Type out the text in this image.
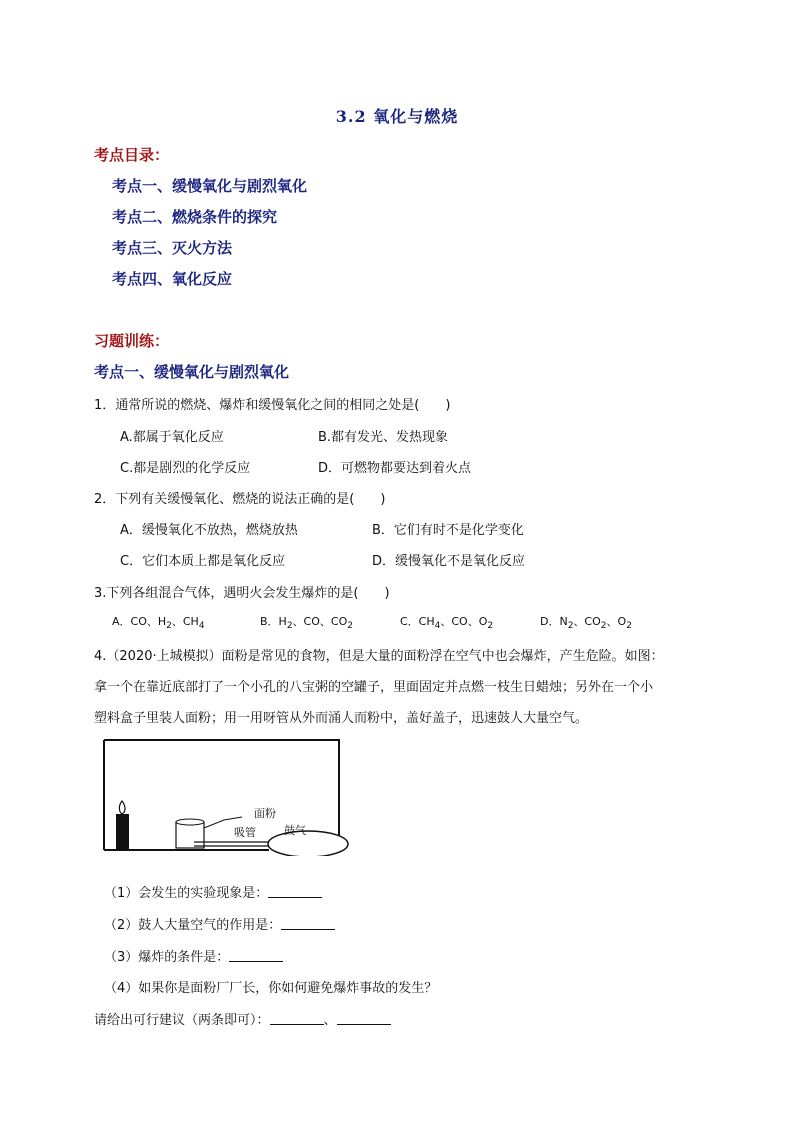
3.2 氧化与燃烧
考点目录：
考点一、缓慢氧化与剧烈氧化
考点二、燃烧条件的探究
考点三、灭火方法
考点四、氧化反应
习题训练：
考点一、缓慢氧化与剧烈氧化
1．通常所说的燃烧、爆炸和缓慢氧化之间的相同之处是(　　)
A.都属于氧化反应	B.都有发光、发热现象
C.都是剧烈的化学反应	D．可燃物都要达到着火点
2．下列有关缓慢氧化、燃烧的说法正确的是(　　)
A．缓慢氧化不放热，燃烧放热	B．它们有时不是化学变化
C．它们本质上都是氧化反应	D．缓慢氧化不是氧化反应
3.下列各组混合气体，遇明火会发生爆炸的是(　　)
A．CO、$H_2$、$CH_4$	B．$H_2$、CO、$CO_2$	C．$CH_4$、CO、$O_2$	D．$N_2$、$CO_2$、$O_2$
4.（2020·上城模拟）面粉是常见的食物，但是大量的面粉浮在空气中也会爆炸，产生危险。如图：
拿一个在靠近底部打了一个小孔的八宝粥的空罐子，里面固定并点燃一枝生日蜡烛；另外在一个小
塑料盒子里装人面粉；用一用呀管从外而涌人而粉中，盖好盖子，迅速鼓人大量空气。
面粉
吸管	鼓气
（1）会发生的实验现象是：
（2）鼓人大量空气的作用是：
（3）爆炸的条件是：
（4）如果你是面粉厂厂长，你如何避免爆炸事故的发生？
请给出可行建议（两条即可）：	、
